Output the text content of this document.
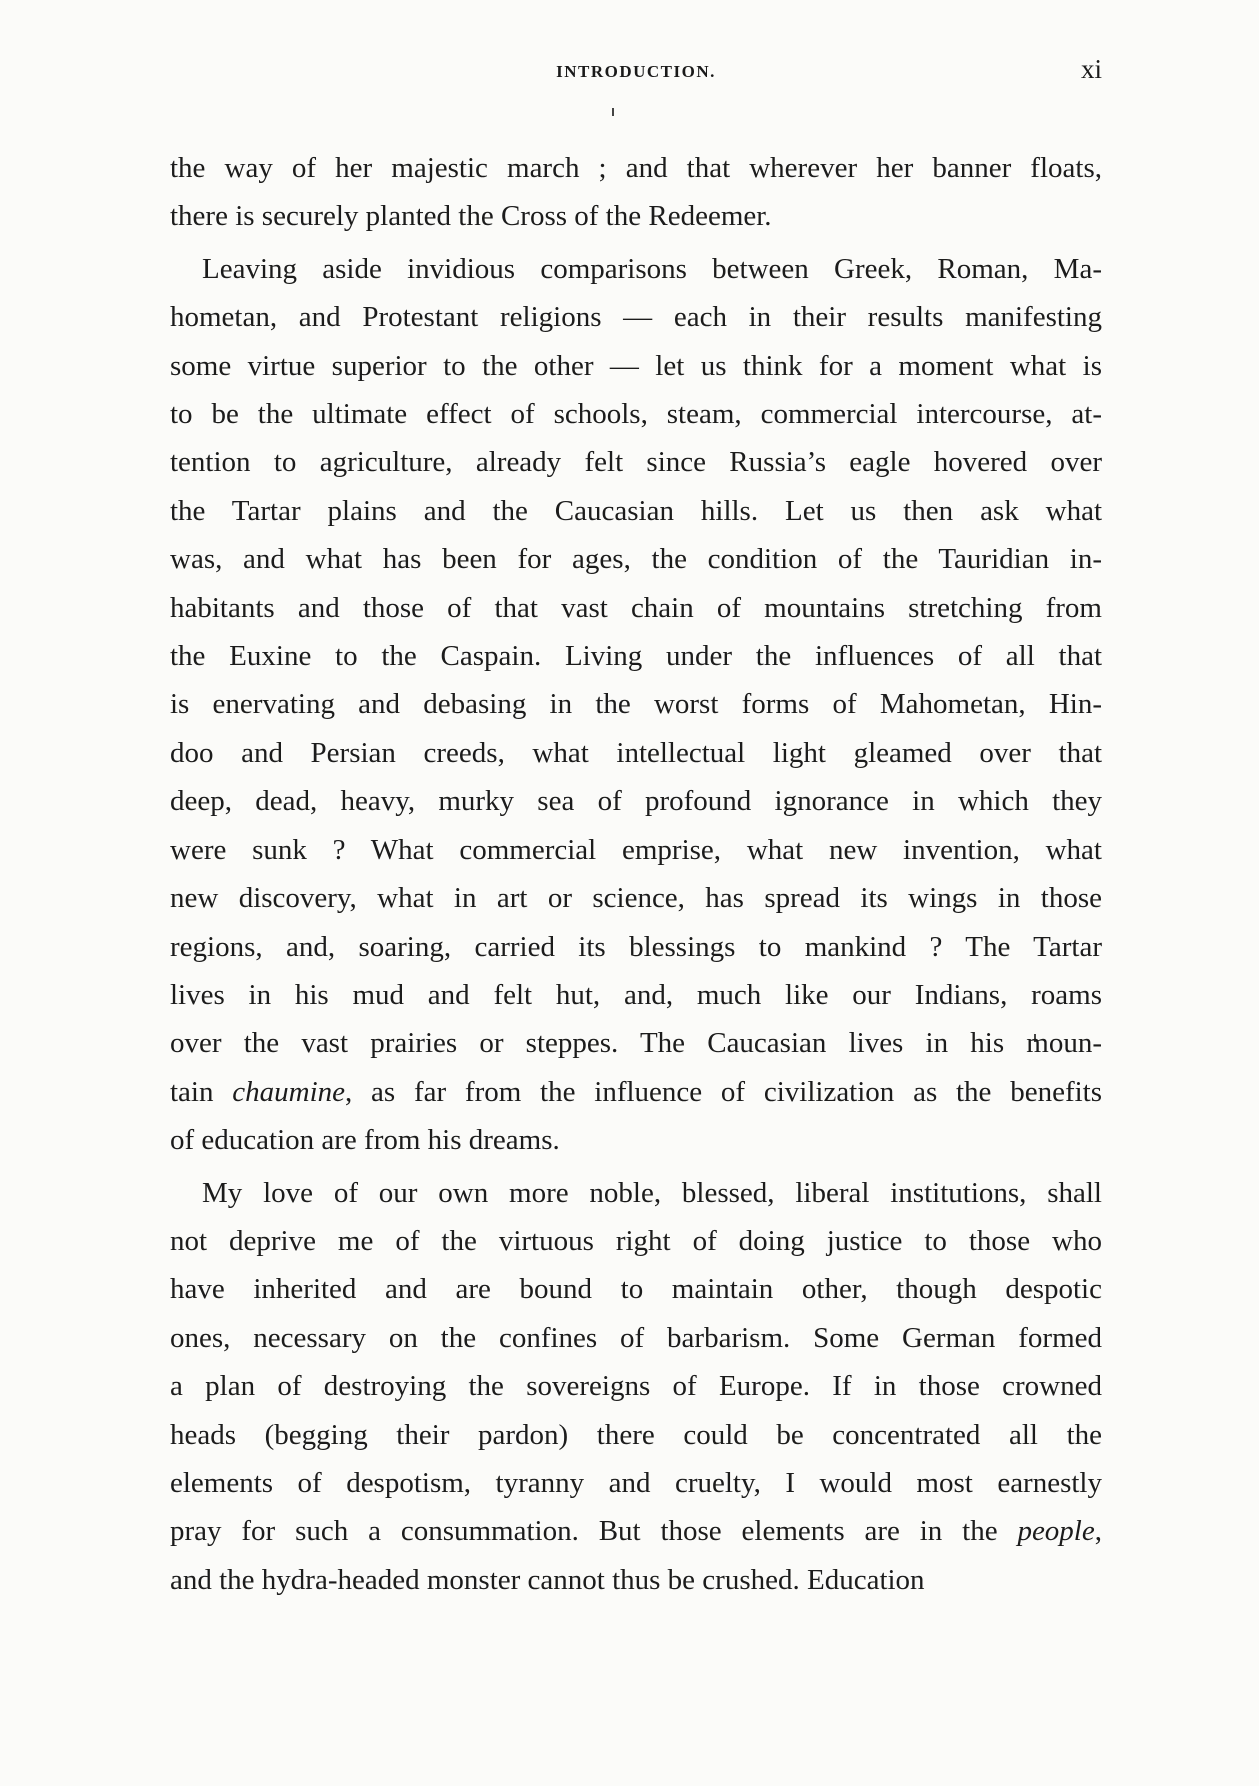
INTRODUCTION.	xi
the way of her majestic march ; and that wherever her banner floats,
there is securely planted the Cross of the Redeemer.
Leaving aside invidious comparisons between Greek, Roman, Ma-
hometan, and Protestant religions — each in their results manifesting
some virtue superior to the other — let us think for a moment what is
to be the ultimate effect of schools, steam, commercial intercourse, at-
tention to agriculture, already felt since Russia’s eagle hovered over
the Tartar plains and the Caucasian hills. Let us then ask what
was, and what has been for ages, the condition of the Tauridian in-
habitants and those of that vast chain of mountains stretching from
the Euxine to the Caspain. Living under the influences of all that
is enervating and debasing in the worst forms of Mahometan, Hin-
doo and Persian creeds, what intellectual light gleamed over that
deep, dead, heavy, murky sea of profound ignorance in which they
were sunk ? What commercial emprise, what new invention, what
new discovery, what in art or science, has spread its wings in those
regions, and, soaring, carried its blessings to mankind ? The Tartar
lives in his mud and felt hut, and, much like our Indians, roams
over the vast prairies or steppes. The Caucasian lives in his moun-
tain chaumine, as far from the influence of civilization as the benefits
of education are from his dreams.
My love of our own more noble, blessed, liberal institutions, shall
not deprive me of the virtuous right of doing justice to those who
have inherited and are bound to maintain other, though despotic
ones, necessary on the confines of barbarism. Some German formed
a plan of destroying the sovereigns of Europe. If in those crowned
heads (begging their pardon) there could be concentrated all the
elements of despotism, tyranny and cruelty, I would most earnestly
pray for such a consummation. But those elements are in the people,
and the hydra-headed monster cannot thus be crushed. Education
